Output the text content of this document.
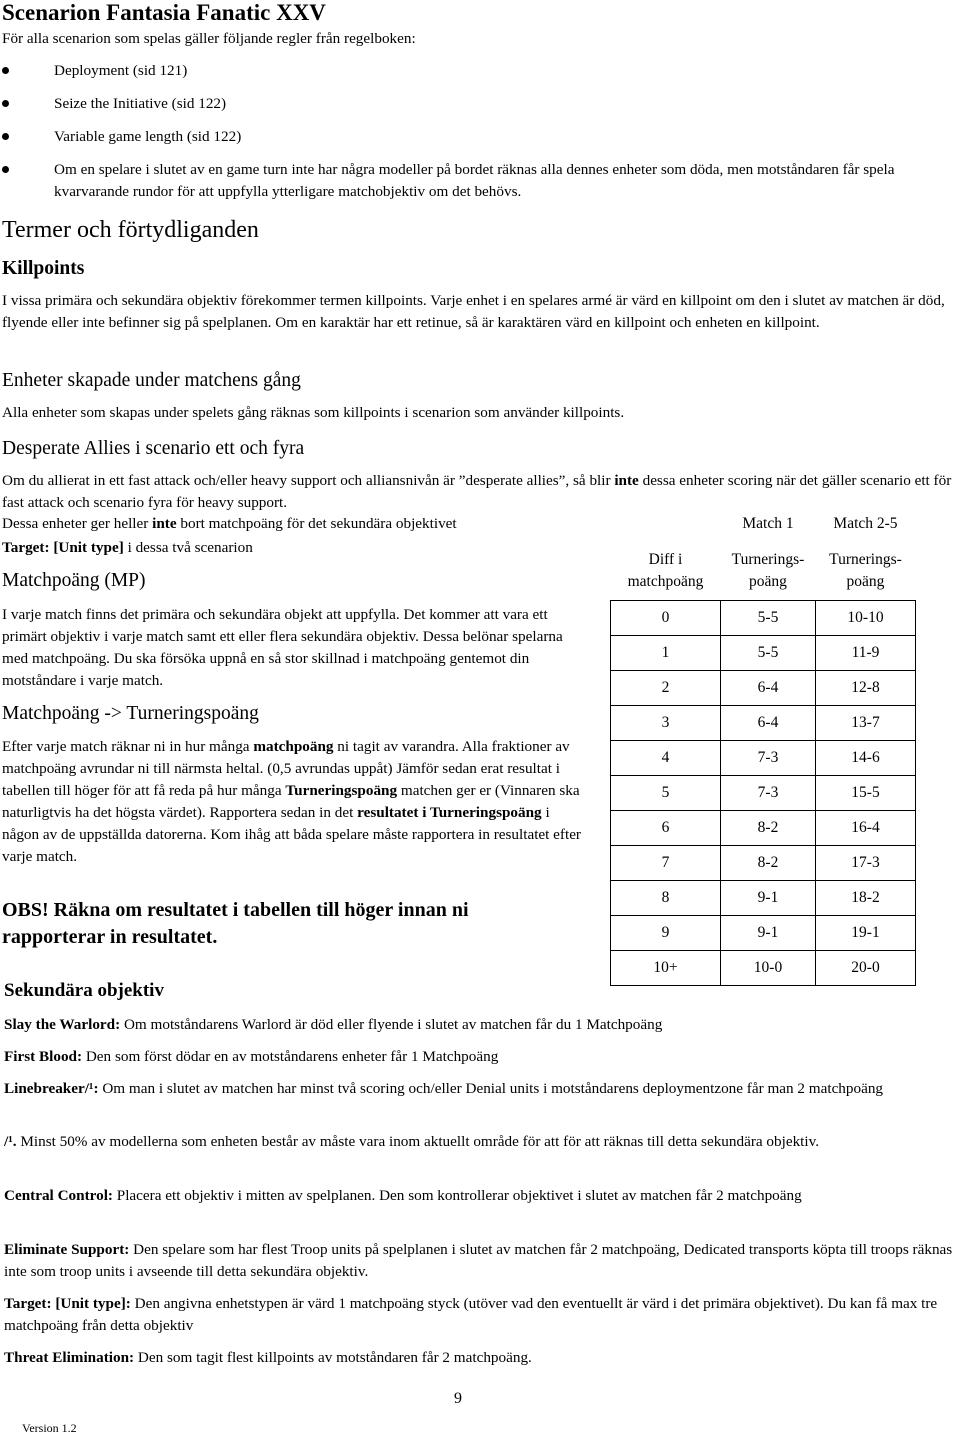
Scenarion Fantasia Fanatic XXV
För alla scenarion som spelas gäller följande regler från regelboken:
Deployment (sid 121)
Seize the Initiative (sid 122)
Variable game length (sid 122)
Om en spelare i slutet av en game turn inte har några modeller på bordet räknas alla dennes enheter som döda, men motståndaren får spela kvarvarande rundor för att uppfylla ytterligare matchobjektiv om det behövs.
Termer och förtydliganden
Killpoints
I vissa primära och sekundära objektiv förekommer termen killpoints. Varje enhet i en spelares armé är värd en killpoint om den i slutet av matchen är död, flyende eller inte befinner sig på spelplanen. Om en karaktär har ett retinue, så är karaktären värd en killpoint och enheten en killpoint.
Enheter skapade under matchens gång
Alla enheter som skapas under spelets gång räknas som killpoints i scenarion som använder killpoints.
Desperate Allies i scenario ett och fyra
Om du allierat in ett fast attack och/eller heavy support och alliansnivån är ”desperate allies”, så blir inte dessa enheter scoring när det gäller scenario ett för fast attack och scenario fyra för heavy support.
Dessa enheter ger heller inte bort matchpoäng för det sekundära objektivet
Target: [Unit type] i dessa två scenarion
Matchpoäng (MP)
I varje match finns det primära och sekundära objekt att uppfylla. Det kommer att vara ett primärt objektiv i varje match samt ett eller flera sekundära objektiv. Dessa belönar spelarna med matchpoäng. Du ska försöka uppnå en så stor skillnad i matchpoäng gentemot din motståndare i varje match.
Matchpoäng -> Turneringspoäng
Efter varje match räknar ni in hur många matchpoäng ni tagit av varandra. Alla fraktioner av matchpoäng avrundar ni till närmsta heltal. (0,5 avrundas uppåt) Jämför sedan erat resultat i tabellen till höger för att få reda på hur många Turneringspoäng matchen ger er (Vinnaren ska naturligtvis ha det högsta värdet). Rapportera sedan in det resultatet i Turneringspoäng i någon av de uppställda datorerna. Kom ihåg att båda spelare måste rapportera in resultatet efter varje match.
OBS! Räkna om resultatet i tabellen till höger innan ni rapporterar in resultatet.
	Match 1	Match 2-5

Diff i matchpoäng	Turnerings-poäng	Turnerings-poäng

0	5-5	10-10
1	5-5	11-9
2	6-4	12-8
3	6-4	13-7
4	7-3	14-6
5	7-3	15-5
6	8-2	16-4
7	8-2	17-3
8	9-1	18-2
9	9-1	19-1
10+	10-0	20-0
Sekundära objektiv
Slay the Warlord: Om motståndarens Warlord är död eller flyende i slutet av matchen får du 1 Matchpoäng
First Blood: Den som först dödar en av motståndarens enheter får 1 Matchpoäng
Linebreaker/¹: Om man i slutet av matchen har minst två scoring och/eller Denial units i motståndarens deploymentzone får man 2 matchpoäng
/¹. Minst 50% av modellerna som enheten består av måste vara inom aktuellt område för att för att räknas till detta sekundära objektiv.
Central Control: Placera ett objektiv i mitten av spelplanen. Den som kontrollerar objektivet i slutet av matchen får 2 matchpoäng
Eliminate Support: Den spelare som har flest Troop units på spelplanen i slutet av matchen får 2 matchpoäng, Dedicated transports köpta till troops räknas inte som troop units i avseende till detta sekundära objektiv.
Target: [Unit type]: Den angivna enhetstypen är värd 1 matchpoäng styck (utöver vad den eventuellt är värd i det primära objektivet). Du kan få max tre matchpoäng från detta objektiv
Threat Elimination: Den som tagit flest killpoints av motståndaren får 2 matchpoäng.
9
Version 1.2
